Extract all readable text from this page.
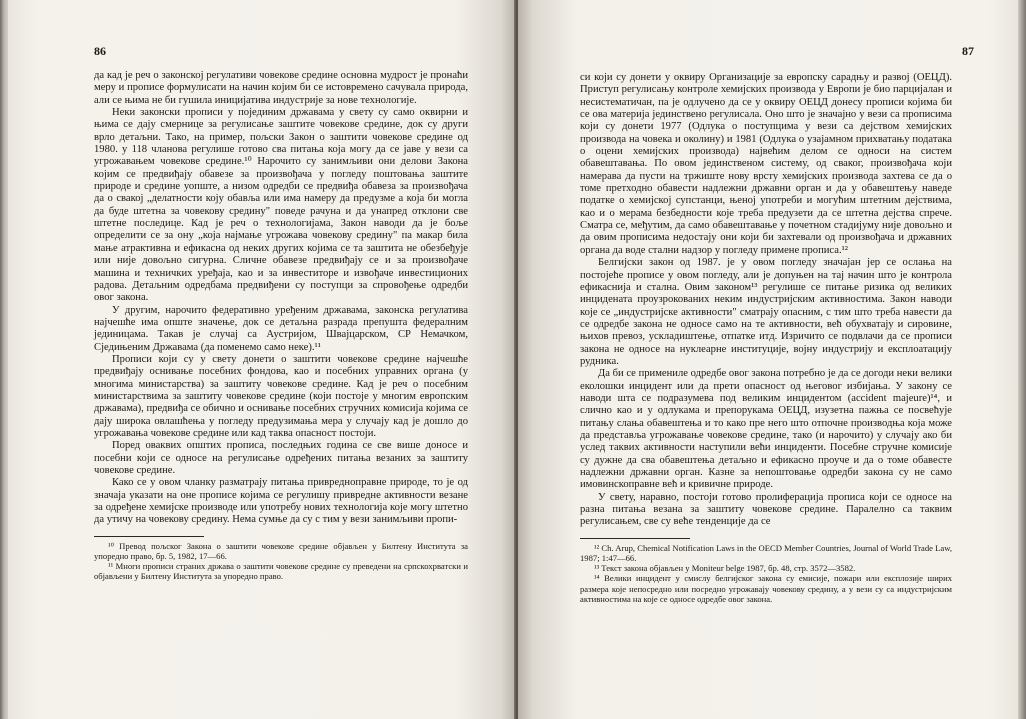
86

да кад је реч о законској регулативи човекове средине основна мудрост је пронаћи меру и прописе формулисати на начин којим би се истовремено сачувала природа, али се њима не би гушила иницијатива индустрије за нове технологије.

Неки законски прописи у појединим државама у свету су само оквирни и њима се дају смернице за регулисање заштите човекове средине, док су други врло детаљни. Тако, на пример, пољски Закон о заштити човекове средине од 1980. у 118 чланова регулише готово сва питања која могу да се јаве у вези са угрожавањем човекове средине.¹⁰ Нарочито су занимљиви они делови Закона којим се предвиђају обавезе за произвођача у погледу поштовања заштите природе и средине уопште, а низом одредби се предвиђа обавеза за произвођача да о свакој „делатности коју обавља или има намеру да предузме а која би могла да буде штетна за човекову средину" поведе рачуна и да унапред отклони све штетне последице. Кад је реч о технологијама, Закон наводи да је боље определити се за ону „која најмање угрожава човекову средину" па макар била мање атрактивна и ефикасна од неких других којима се та заштита не обезбеђује или није довољно сигурна. Сличне обавезе предвиђају се и за произвођаче машина и техничких уређаја, као и за инвеститоре и извођаче инвестиционих радова. Детаљним одредбама предвиђени су поступци за спровођење одредби овог закона.

У другим, нарочито федеративно уређеним државама, законска регулатива најчешће има опште значење, док се детаљна разрада препушта федералним јединицама. Такав је случај са Аустријом, Швајцарском, СР Немачком, Сједињеним Државама (да поменемо само неке).¹¹

Прописи који су у свету донети о заштити човекове средине најчешће предвиђају оснивање посебних фондова, као и посебних управних органа (у многима министарства) за заштиту човекове средине. Кад је реч о посебним министарствима за заштиту човекове средине (који постоје у многим европским државама), предвиђа се обично и оснивање посебних стручних комисија којима се дају широка овлашћења у погледу предузимања мера у случају кад је дошло до угрожавања човекове средине или кад таква опасност постоји.

Поред оваквих општих прописа, последњих година се све више доносе и посебни који се односе на регулисање одређених питања везаних за заштиту човекове средине.

Како се у овом чланку разматрају питања привреднoправне природе, то је од значаја указати на оне прописе којима се регулишу привредне активности везане за одређене хемијске производе или употребу нових технологија које могу штетно да утичу на човекову средину. Нема сумње да су с тим у вези занимљиви пропи-

¹⁰ Превод пољског Закона о заштити човекове средине објављен у Билтену Института за упоредно право, бр. 5, 1982, 17—66.

¹¹ Многи прописи страних држава о заштити човекове средине су преведени на српскохрватски и објављени у Билтену Института за упоредно право.

87

си који су донети у оквиру Организације за европску сарадњу и развој (ОЕЦД). Приступ регулисању контроле хемијских производа у Европи је био парцијалан и несистематичан, па је одлучено да се у оквиру ОЕЦД донесу прописи којима би се ова материја јединствено регулисала. Оно што је значајно у вези са прописима који су донети 1977 (Одлука о поступцима у вези са дејством хемијских производа на човека и околину) и 1981 (Одлука о узајамном прихватању података о оцени хемијских производа) највећим делом се односи на систем обавештавања. По овом јединственом систему, од сваког, произвођача који намерава да пусти на тржиште нову врсту хемијских производа захтева се да о томе претходно обавести надлежни државни орган и да у обавештењу наведе податке о хемијској супстанци, њеној употреби и могућим штетним дејствима, као и о мерама безбедности које треба предузети да се штетна дејства спрече. Сматра се, међутим, да само обавештавање у почетном стадијуму није довољно и да овим прописима недостају они који би захтевали од произвођача и државних органа да воде стални надзор у погледу примене прописа.¹²

Белгијски закон од 1987. је у овом погледу значајан јер се ослања на постојеће прописе у овом погледу, али је допуњен на тај начин што је контрола ефикаснија и стална. Овим законом¹³ регулише се питање ризика од великих инцидената проузрокованих неким индустријским активностима. Закон наводи које се „индустријске активности" сматрају опасним, с тим што треба навести да се одредбе закона не односе само на те активности, већ обухватају и сировине, њихов превоз, ускладиштење, отпатке итд. Изричито се подвлачи да се прописи закона не односе на нуклеарне институције, војну индустрију и експлоатацију рудника.

Да би се примениле одредбе овог закона потребно је да се догоди неки велики еколошки инцидент или да прети опасност од његовог избијања. У закону се наводи шта се подразумева под великим инцидентом (accident majeure)¹⁴, и слично као и у одлукама и препорукама ОЕЦД, изузетна пажња се посвећује питању слања обавештења и то како пре него што отпочне производња која може да представља угрожавање човекове средине, тако (и нарочито) у случају ако би услед таквих активности наступили већи инциденти. Посебне стручне комисије су дужне да сва обавештења детаљно и ефикасно проуче и да о томе обавесте надлежни државни орган. Казне за непоштовање одредби закона су не само имовинскоправне већ и кривичне природе.

У свету, наравно, постоји готово пролиферација прописа који се односе на разна питања везана за заштиту човекове средине. Паралелно са таквим регулисањем, све су веће тенденције да се

¹² Ch. Arup, Chemical Notification Laws in the OECD Member Countries, Journal of World Trade Law, 1987; 1:47—66.

¹³ Текст закона објављен у Moniteur belge 1987, бр. 48, стр. 3572—3582.

¹⁴ Велики инцидент у смислу белгијског закона су емисије, пожари или експлозије ширих размера које непосредно или посредно угрожавају човекову средину, а у вези су са индустријским активностима на које се односе одредбе овог закона.
